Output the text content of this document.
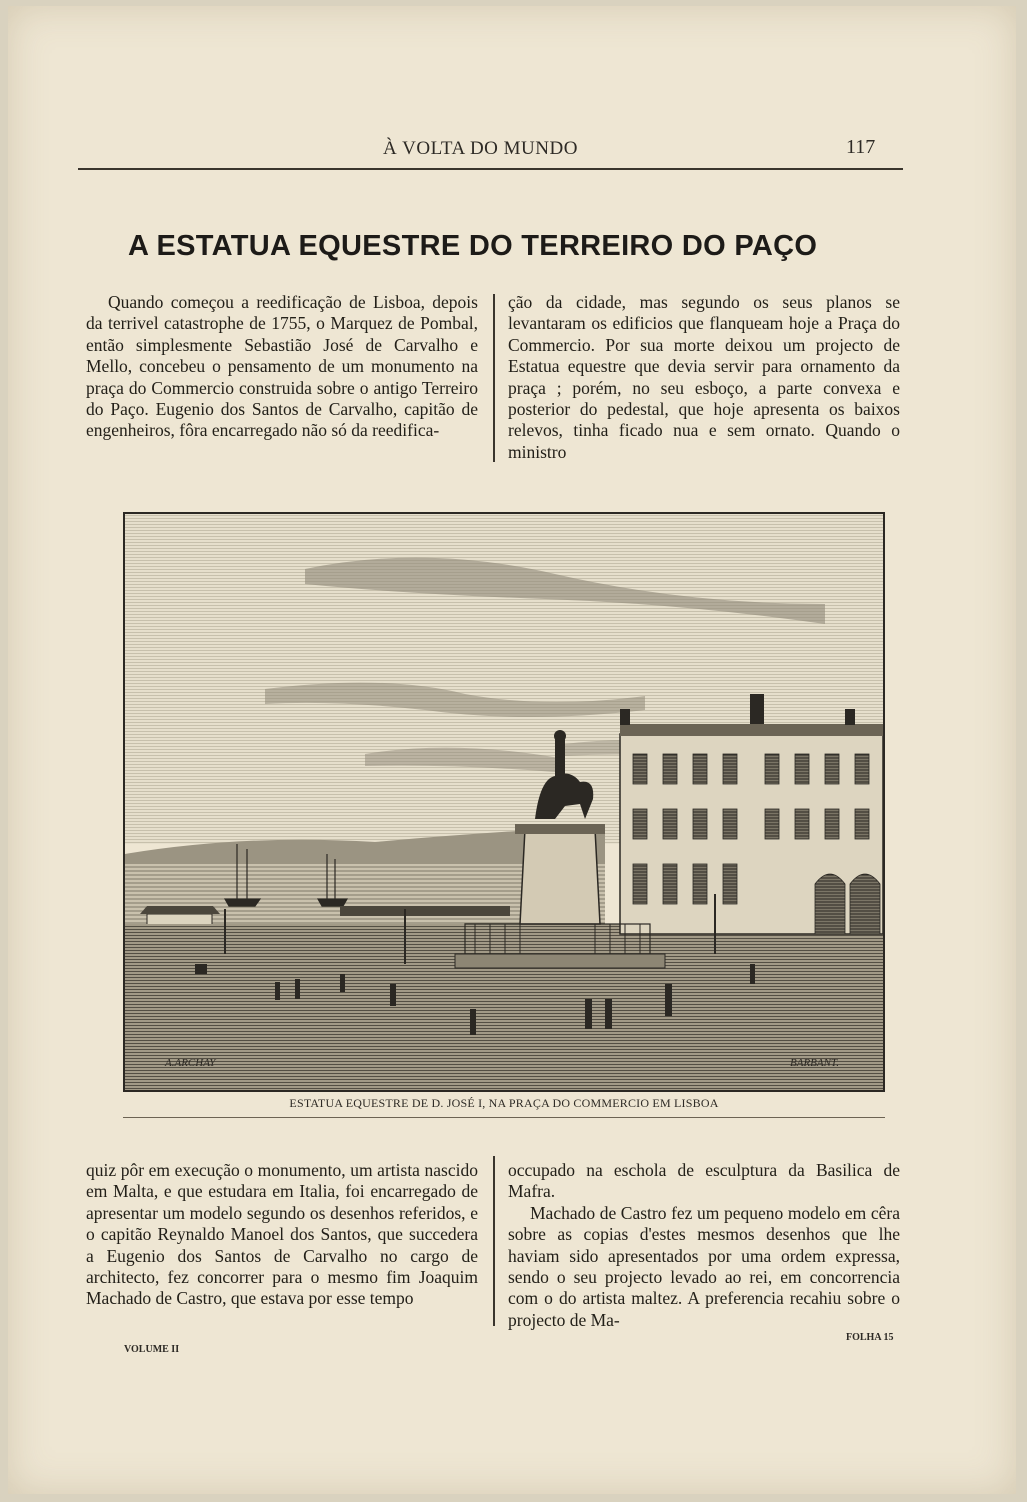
À VOLTA DO MUNDO	117
A ESTATUA EQUESTRE DO TERREIRO DO PAÇO

Quando começou a reedificação de Lisboa, depois da terrivel catastrophe de 1755, o Marquez de Pombal, então simplesmente Sebastião José de Carvalho e Mello, concebeu o pensamento de um monumento na praça do Commercio construida sobre o antigo Terreiro do Paço. Eugenio dos Santos de Carvalho, capitão de engenheiros, fôra encarregado não só da reedifica-

ção da cidade, mas segundo os seus planos se levantaram os edificios que flanqueam hoje a Praça do Commercio. Por sua morte deixou um projecto de Estatua equestre que devia servir para ornamento da praça ; porém, no seu esboço, a parte convexa e posterior do pedestal, que hoje apresenta os baixos relevos, tinha ficado nua e sem ornato. Quando o ministro

A.ARCHAY	BARBANT.
ESTATUA EQUESTRE DE D. JOSÉ I, NA PRAÇA DO COMMERCIO EM LISBOA

quiz pôr em execução o monumento, um artista nascido em Malta, e que estudara em Italia, foi encarregado de apresentar um modelo segundo os desenhos referidos, e o capitão Reynaldo Manoel dos Santos, que succedera a Eugenio dos Santos de Carvalho no cargo de architecto, fez concorrer para o mesmo fim Joaquim Machado de Castro, que estava por esse tempo

occupado na eschola de esculptura da Basilica de Mafra.

Machado de Castro fez um pequeno modelo em cêra sobre as copias d'estes mesmos desenhos que lhe haviam sido apresentados por uma ordem expressa, sendo o seu projecto levado ao rei, em concorrencia com o do artista maltez. A preferencia recahiu sobre o projecto de Ma-

VOLUME II
FOLHA 15
